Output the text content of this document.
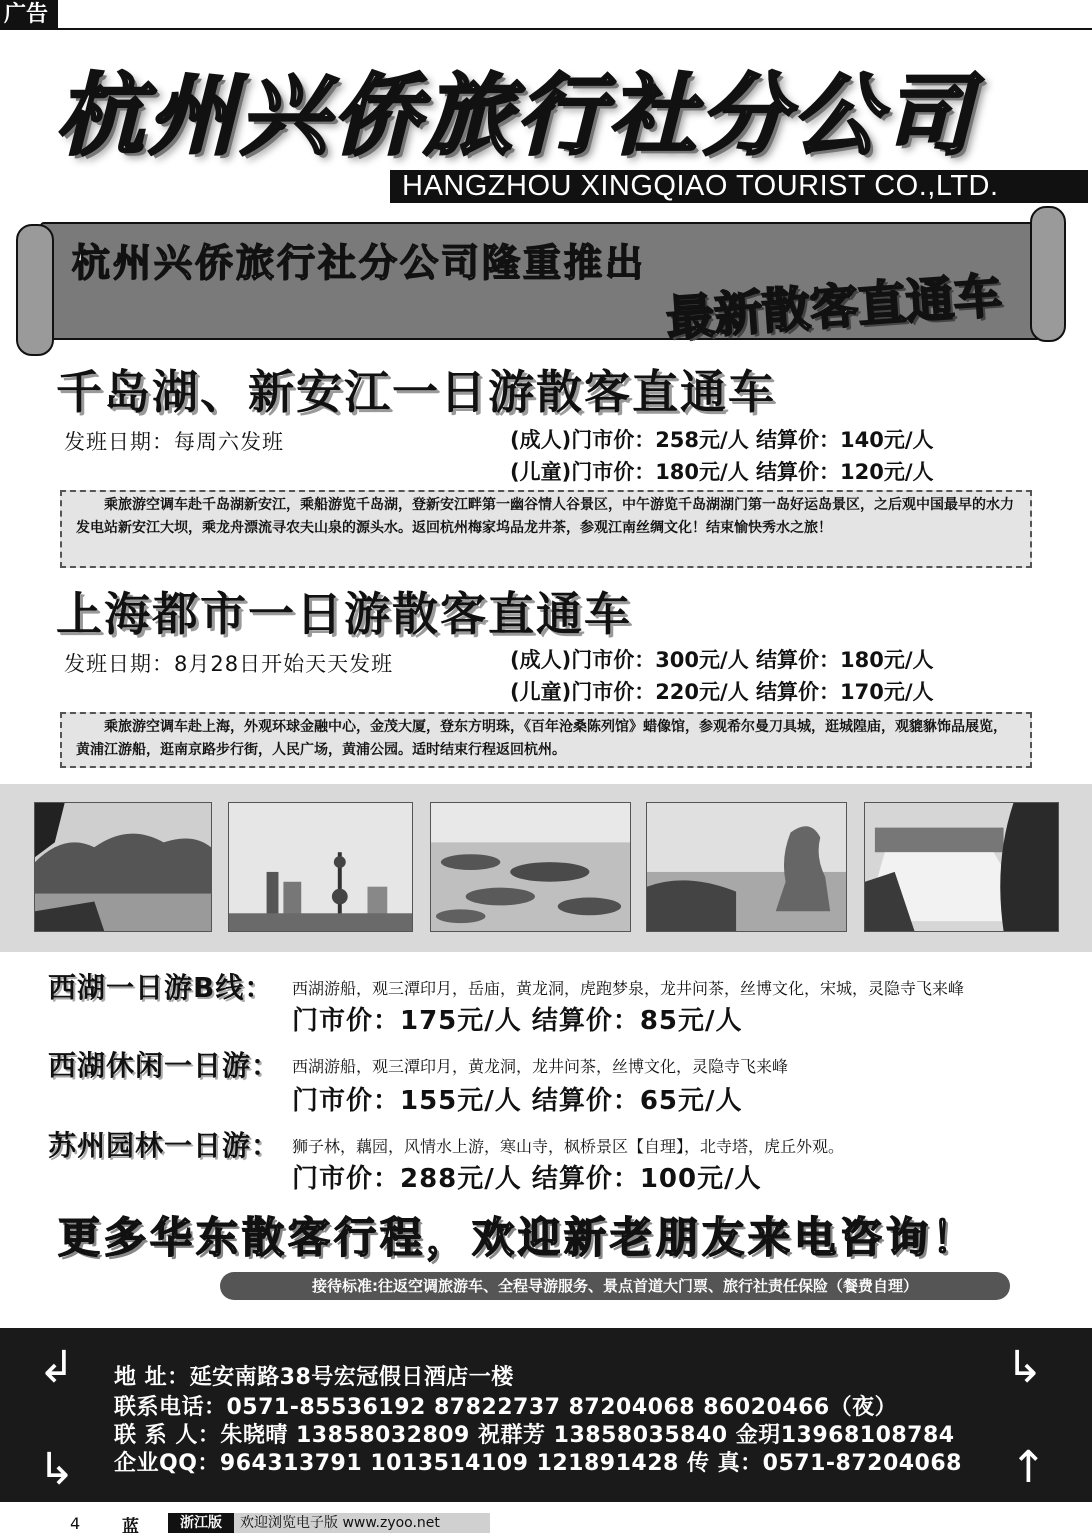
广告
杭州兴侨旅行社分公司
HANGZHOU XINGQIAO TOURIST CO.,LTD.
杭州兴侨旅行社分公司隆重推出
最新散客直通车
千岛湖、新安江一日游散客直通车
发班日期：每周六发班	(成人)门市价：258元/人 结算价：140元/人
(儿童)门市价：180元/人 结算价：120元/人
乘旅游空调车赴千岛湖新安江，乘船游览千岛湖，登新安江畔第一幽谷情人谷景区，中午游览千岛湖湖门第一岛好运岛景区，之后观中国最早的水力发电站新安江大坝，乘龙舟漂流寻农夫山泉的源头水。返回杭州梅家坞品龙井茶，参观江南丝绸文化！结束愉快秀水之旅！
上海都市一日游散客直通车
发班日期：8月28日开始天天发班	(成人)门市价：300元/人 结算价：180元/人
(儿童)门市价：220元/人 结算价：170元/人
乘旅游空调车赴上海，外观环球金融中心，金茂大厦，登东方明珠，《百年沧桑陈列馆》蜡像馆，参观希尔曼刀具城，逛城隍庙，观貔貅饰品展览，黄浦江游船，逛南京路步行街，人民广场，黄浦公园。适时结束行程返回杭州。
西湖一日游B线： 西湖游船，观三潭印月，岳庙，黄龙洞，虎跑梦泉，龙井问茶，丝博文化，宋城，灵隐寺飞来峰
门市价：175元/人 结算价：85元/人
西湖休闲一日游： 西湖游船，观三潭印月，黄龙洞，龙井问茶，丝博文化，灵隐寺飞来峰
门市价：155元/人 结算价：65元/人
苏州园林一日游： 狮子林，藕园，风情水上游，寒山寺，枫桥景区【自理】，北寺塔，虎丘外观。
门市价：288元/人 结算价：100元/人
更多华东散客行程，欢迎新老朋友来电咨询！
接待标准:往返空调旅游车、全程导游服务、景点首道大门票、旅行社责任保险（餐费自理）
↲	↳
↳	↑
地 址：延安南路38号宏冠假日酒店一楼
联系电话：0571-85536192 87822737 87204068 86020466（夜）
联 系 人：朱晓晴 13858032809 祝群芳 13858035840 金玥13968108784
企业QQ：964313791 1013514109 121891428 传 真：0571-87204068
4 蓝	浙江版	欢迎浏览电子版 www.zyoo.net
